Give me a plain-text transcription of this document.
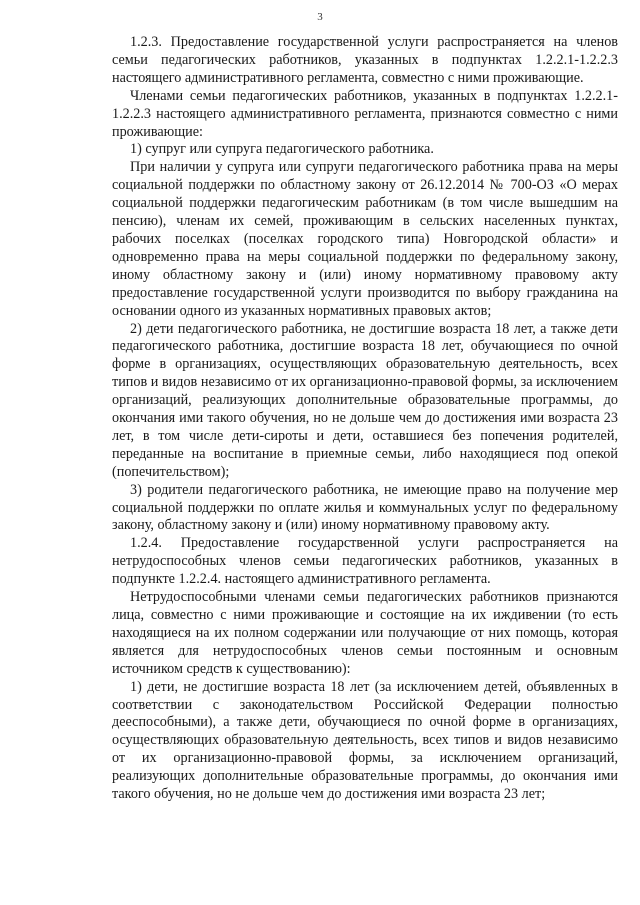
3

1.2.3. Предоставление государственной услуги распространяется на членов семьи педагогических работников, указанных в подпунктах 1.2.2.1-1.2.2.3 настоящего административного регламента, совместно с ними проживающие.

Членами семьи педагогических работников, указанных в подпунктах 1.2.2.1-1.2.2.3 настоящего административного регламента, признаются совместно с ними проживающие:

1) супруг или супруга педагогического работника.

При наличии у супруга или супруги педагогического работника права на меры социальной поддержки по областному закону от 26.12.2014 № 700-ОЗ «О мерах социальной поддержки педагогическим работникам (в том числе вышедшим на пенсию), членам их семей, проживающим в сельских населенных пунктах, рабочих поселках (поселках городского типа) Новгородской области» и одновременно права на меры социальной поддержки по федеральному закону, иному областному закону и (или) иному нормативному правовому акту предоставление государственной услуги производится по выбору гражданина на основании одного из указанных нормативных правовых актов;

2) дети педагогического работника, не достигшие возраста 18 лет, а также дети педагогического работника, достигшие возраста 18 лет, обучающиеся по очной форме в организациях, осуществляющих образовательную деятельность, всех типов и видов независимо от их организационно-правовой формы, за исключением организаций, реализующих дополнительные образовательные программы, до окончания ими такого обучения, но не дольше чем до достижения ими возраста 23 лет, в том числе дети-сироты и дети, оставшиеся без попечения родителей, переданные на воспитание в приемные семьи, либо находящиеся под опекой (попечительством);

3) родители педагогического работника, не имеющие право на получение мер социальной поддержки по оплате жилья и коммунальных услуг по федеральному закону, областному закону и (или) иному нормативному правовому акту.

1.2.4. Предоставление государственной услуги распространяется на нетрудоспособных членов семьи педагогических работников, указанных в подпункте 1.2.2.4. настоящего административного регламента.

Нетрудоспособными членами семьи педагогических работников признаются лица, совместно с ними проживающие и состоящие на их иждивении (то есть находящиеся на их полном содержании или получающие от них помощь, которая является для нетрудоспособных членов семьи постоянным и основным источником средств к существованию):

1) дети, не достигшие возраста 18 лет (за исключением детей, объявленных в соответствии с законодательством Российской Федерации полностью дееспособными), а также дети, обучающиеся по очной форме в организациях, осуществляющих образовательную деятельность, всех типов и видов независимо от их организационно-правовой формы, за исключением организаций, реализующих дополнительные образовательные программы, до окончания ими такого обучения, но не дольше чем до достижения ими возраста 23 лет;
